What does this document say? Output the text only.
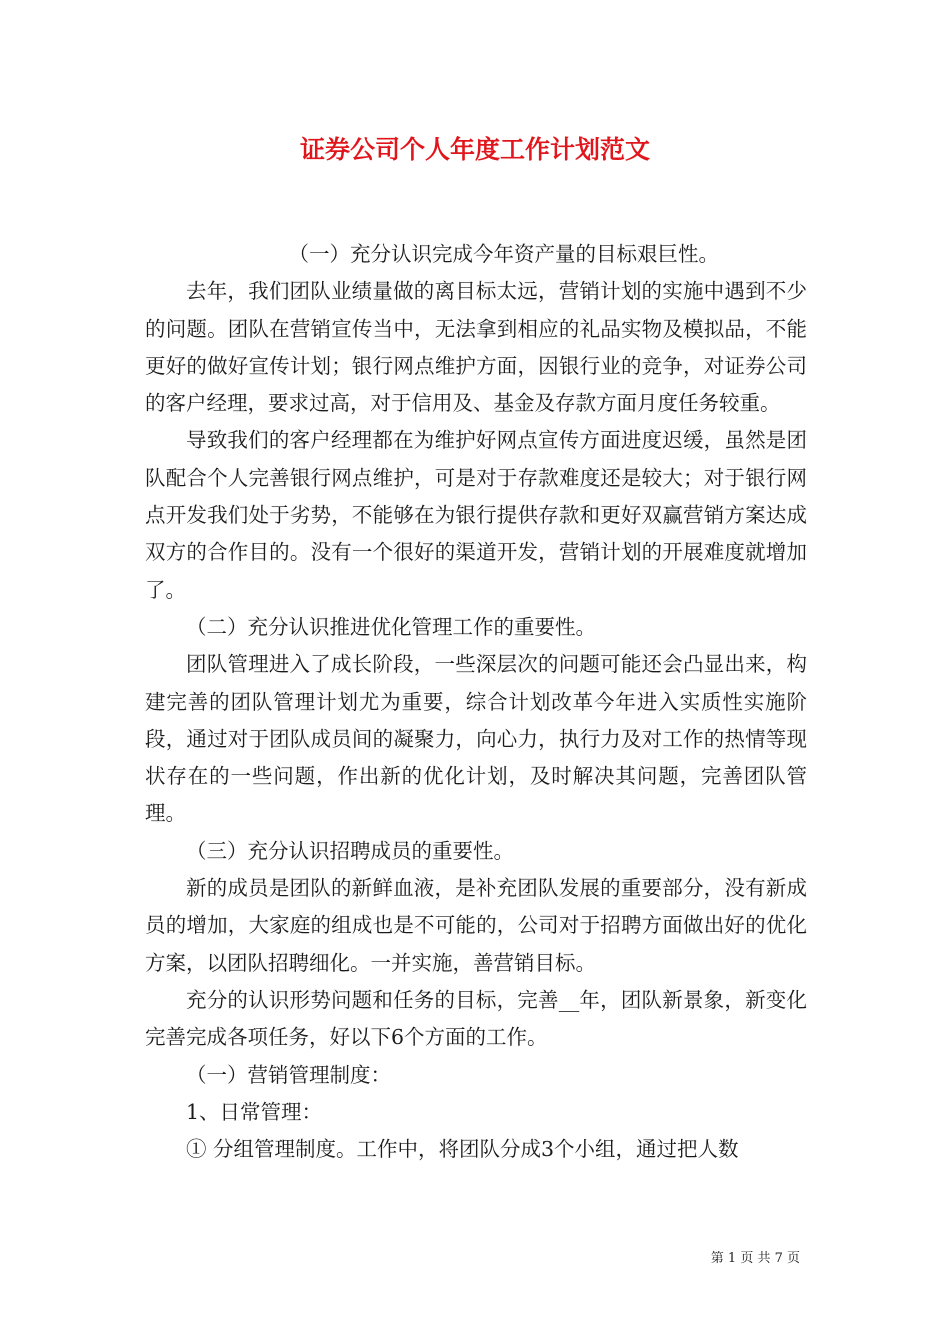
证券公司个人年度工作计划范文

（一）充分认识完成今年资产量的目标艰巨性。

去年，我们团队业绩量做的离目标太远，营销计划的实施中遇到不少的问题。团队在营销宣传当中，无法拿到相应的礼品实物及模拟品，不能更好的做好宣传计划；银行网点维护方面，因银行业的竞争，对证券公司的客户经理，要求过高，对于信用及、基金及存款方面月度任务较重。

导致我们的客户经理都在为维护好网点宣传方面进度迟缓，虽然是团队配合个人完善银行网点维护，可是对于存款难度还是较大；对于银行网点开发我们处于劣势，不能够在为银行提供存款和更好双赢营销方案达成双方的合作目的。没有一个很好的渠道开发，营销计划的开展难度就增加了。

（二）充分认识推进优化管理工作的重要性。

团队管理进入了成长阶段，一些深层次的问题可能还会凸显出来，构建完善的团队管理计划尤为重要，综合计划改革今年进入实质性实施阶段，通过对于团队成员间的凝聚力，向心力，执行力及对工作的热情等现状存在的一些问题，作出新的优化计划，及时解决其问题，完善团队管理。

（三）充分认识招聘成员的重要性。

新的成员是团队的新鲜血液，是补充团队发展的重要部分，没有新成员的增加，大家庭的组成也是不可能的，公司对于招聘方面做出好的优化方案，以团队招聘细化。一并实施，善营销目标。

充分的认识形势问题和任务的目标，完善__年，团队新景象，新变化完善完成各项任务，好以下6个方面的工作。

（一）营销管理制度：

1、日常管理：

① 分组管理制度。工作中，将团队分成3个小组，通过把人数

第 1 页 共 7 页
